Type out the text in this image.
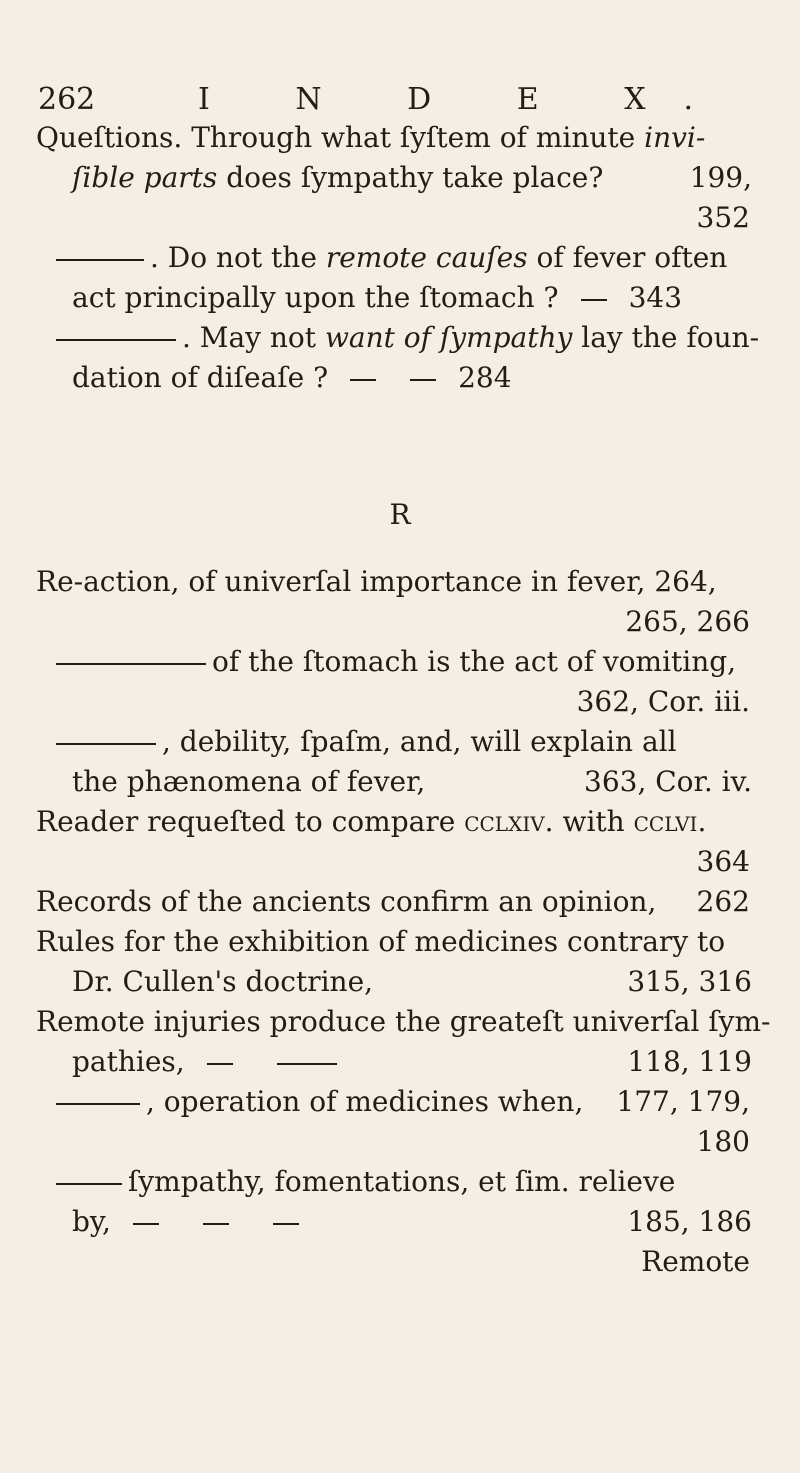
262	I N D E X.
Queſtions. Through what ſyſtem of minute invi-
ſible parts does ſympathy take place?	199,
352
. Do not the remote cauſes of fever often
act principally upon the ſtomach ?	343
. May not want of ſympathy lay the foun-
dation of diſeaſe ?	284
R
Re-action, of univerſal importance in fever, 264,
265, 266
of the ſtomach is the act of vomiting,
362, Cor. iii.
, debility, ſpaſm, and, will explain all
the phænomena of fever,	363, Cor. iv.
Reader requeſted to compare cclxiv. with cclvi.
364
Records of the ancients confirm an opinion, 262
Rules for the exhibition of medicines contrary to
Dr. Cullen's doctrine,	315, 316
Remote injuries produce the greateſt univerſal ſym-
pathies,	118, 119
, operation of medicines when, 177, 179,
180
ſympathy, fomentations, et ſim. relieve
by,	185, 186
Remote
